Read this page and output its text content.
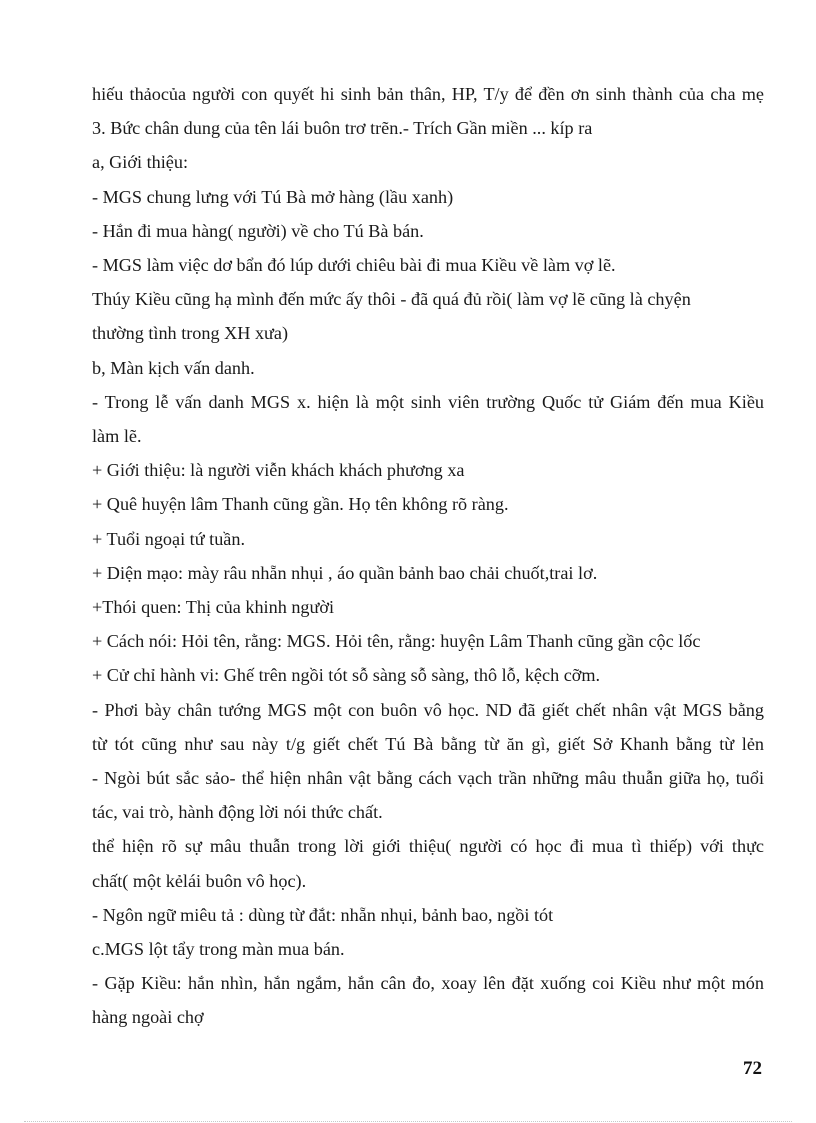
hiếu thảocủa người con quyết hi sinh bản thân, HP, T/y để đền ơn sinh thành của cha mẹ

3. Bức chân dung của tên lái buôn trơ trẽn.- Trích Gần miền ... kíp ra

a, Giới thiệu:

- MGS chung lưng với Tú Bà mở hàng (lầu xanh)

- Hắn đi mua hàng( người) về cho Tú Bà bán.

- MGS làm việc dơ bẩn đó lúp dưới chiêu bài đi mua Kiều về làm vợ lẽ.

Thúy Kiều cũng hạ mình đến mức ấy thôi - đã quá đủ rồi( làm vợ lẽ cũng là chyện

thường tình trong XH xưa)

b, Màn kịch vấn danh.

- Trong lễ vấn danh MGS x. hiện là một sinh viên trường Quốc tử Giám đến mua Kiều

làm lẽ.

+ Giới thiệu: là người viễn khách khách phương xa

+ Quê huyện lâm Thanh cũng gần. Họ tên không rõ ràng.

+ Tuổi ngoại tứ tuần.

+ Diện mạo: mày râu nhẵn nhụi , áo quần bảnh bao chải chuốt,trai lơ.

+Thói quen: Thị của khinh người

+ Cách nói: Hỏi tên, rằng: MGS. Hỏi tên, rằng: huyện Lâm Thanh cũng gần cộc lốc

+ Cử chỉ hành vi: Ghế trên ngồi tót sỗ sàng sỗ sàng, thô lỗ, kệch cỡm.

- Phơi bày chân tướng MGS một con buôn vô học. ND đã giết chết nhân vật MGS bằng

từ tót cũng như sau này t/g giết chết Tú Bà bằng từ ăn gì, giết Sở Khanh bằng từ lẻn

- Ngòi bút sắc sảo- thể hiện nhân vật bằng cách vạch trần những mâu thuẫn giữa họ, tuổi

tác, vai trò, hành động lời nói thức chất.

thể hiện rõ sự mâu thuẫn trong lời giới thiệu( người có học đi mua tì thiếp) với thực

chất( một kẻlái buôn vô học).

- Ngôn ngữ miêu tả : dùng từ đắt: nhẵn nhụi, bảnh bao, ngồi tót

c.MGS lột tẩy trong màn mua bán.

- Gặp Kiều: hắn nhìn, hắn ngắm, hắn cân đo, xoay lên đặt xuống coi Kiều như một món

hàng ngoài chợ

72
